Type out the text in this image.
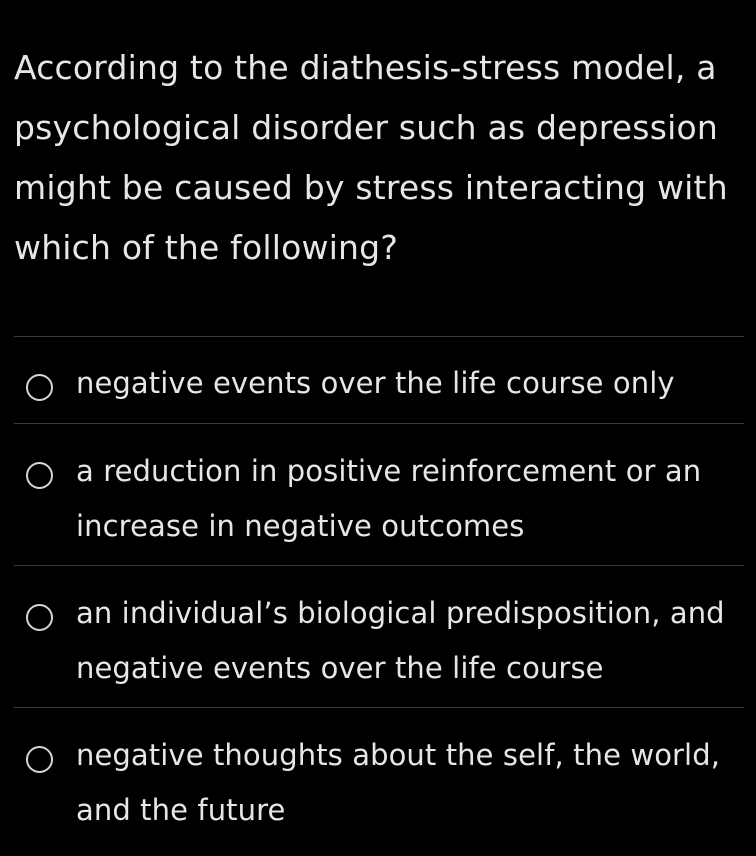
According to the diathesis-stress model, a psychological disorder such as depression might be caused by stress interacting with which of the following?

negative events over the life course only
a reduction in positive reinforcement or an increase in negative outcomes
an individual’s biological predisposition, and negative events over the life course
negative thoughts about the self, the world, and the future
